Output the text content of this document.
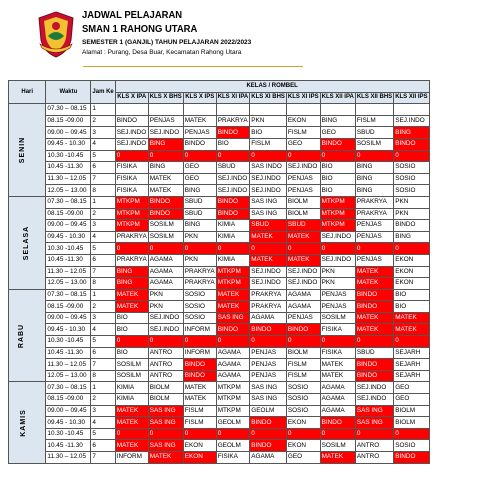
JADWAL PELAJARAN
SMAN 1 RAHONG UTARA
SEMESTER 1 (GANJIL) TAHUN PELAJARAN 2022/2023
Alamat : Purang, Desa Buar, Kecamatan Rahong Utara
Hari	Waktu	Jam Ke	KELAS / ROMBEL								
			KLS X IPA	KLS X BHS	KLS X IPS	KLS XI IPA	KLS XI BHS	KLS XI IPS	KLS XII IPA	KLS XII BHS	KLS XII IPS
SENIN	07.30 – 08.15	1									
	08.15 -09.00	2	BINDO	PENJAS	MATEK	PRAKRYA	PKN	EKON	BING	FISLM	SEJ.INDO
	09.00 – 09.45	3	SEJ.INDO	SEJ.INDO	PENJAS	BINDO	BIO	FISLM	GEO	SBUD	BING
	09.45 - 10.30	4	SEJ.INDO	BING	BINDO	BIO	FISLM	GEO	BINDO	SOSILM	BINDO
	10.30 -10.45	5	0	0	0	0	0	0	0	0	0
	10.45 -11.30	6	FISIKA	BING	GEO	SBUD	SAS INDO	SEJ.INDO	BIO	BING	SOSIO
	11.30 – 12.05	7	FISIKA	MATEK	GEO	SEJ.INDO	SEJ.INDO	PENJAS	BIO	BING	SOSIO
	12.05 – 13.00	8	FISIKA	MATEK	BING	SEJ.INDO	SEJ.INDO	PENJAS	BIO	BING	SOSIO
SELASA	07.30 – 08.15	1	MTKPM	BINDO	SBUD	BINDO	SAS ING	BIOLM	MTKPM	PRAKRYA	PKN
	08.15 -09.00	2	MTKPM	BINDO	SBUD	BINDO	SAS ING	BIOLM	MTKPM	PRAKRYA	PKN
	09.00 – 09.45	3	MTKPM	SOSILM	BING	KIMIA	SBUD	SBUD	MTKPM	PENJAS	BINDO
	09.45 - 10.30	4	PRAKRYA	SOSILM	PKN	KIMIA	MATEK	MATEK	SEJ.INDO	PENJAS	BING
	10.30 -10.45	5	0	0	0	0	0	0	0	0	0
	10.45 -11.30	6	PRAKRYA	AGAMA	PKN	KIMIA	MATEK	MATEK	SEJ.INDO	PENJAS	EKON
	11.30 – 12.05	7	BING	AGAMA	PRAKRYA	MTKPM	SEJ.INDO	SEJ.INDO	PKN	MATEK	EKON
	12.05 – 13.00	8	BING	AGAMA	PRAKRYA	MTKPM	SEJ.INDO	SEJ.INDO	PKN	MATEK	EKON
RABU	07.30 – 08.15	1	MATEK	PKN	SOSIO	MATEK	PRAKRYA	AGAMA	PENJAS	BINDO	BIO
	08.15 -09.00	2	MATEK	PKN	SOSIO	MATEK	PRAKRYA	AGAMA	PENJAS	BINDO	BIO
	09.00 – 09.45	3	BIO	SEJ.INDO	SOSIO	SAS ING	AGAMA	PENJAS	SOSILM	MATEK	MATEK
	09.45 - 10.30	4	BIO	SEJ.INDO	INFORM	BINDO	BINDO	BINDO	FISIKA	MATEK	MATEK
	10.30 -10.45	5	0	0	0	0	0	0	0	0	0
	10.45 -11.30	6	BIO	ANTRO	INFORM	AGAMA	PENJAS	BIOLM	FISIKA	SBUD	SEJARH
	11.30 – 12.05	7	SOSILM	ANTRO	BINDO	AGAMA	PENJAS	FISLM	MATEK	BINDO	SEJARH
	12.05 – 13.00	8	SOSILM	ANTRO	BINDO	AGAMA	PENJAS	FISLM	MATEK	BINDO	SEJARH
KAMIS	07.30 – 08.15	1	KIMIA	BIOLM	MATEK	MTKPM	SAS ING	SOSIO	AGAMA	SEJ.INDO	GEO
	08.15 -09.00	2	KIMIA	BIOLM	MATEK	MTKPM	SAS ING	SOSIO	AGAMA	SEJ.INDO	GEO
	09.00 – 09.45	3	MATEK	SAS ING	FISLM	MTKPM	GEOLM	SOSIO	AGAMA	SAS ING	BIOLM
	09.45 - 10.30	4	MATEK	SAS ING	FISLM	GEOLM	BINDO	EKON	BINDO	SAS ING	BIOLM
	10.30 -10.45	5	0	0	0	0	0	0	0	0	0
	10.45 -11.30	6	MATEK	SAS ING	EKON	GEOLM	BINDO	EKON	SOSILM	ANTRO	SOSIO
	11.30 – 12.05	7	INFORM	MATEK	EKON	FISIKA	AGAMA	GEO	MATEK	ANTRO	BINDO
